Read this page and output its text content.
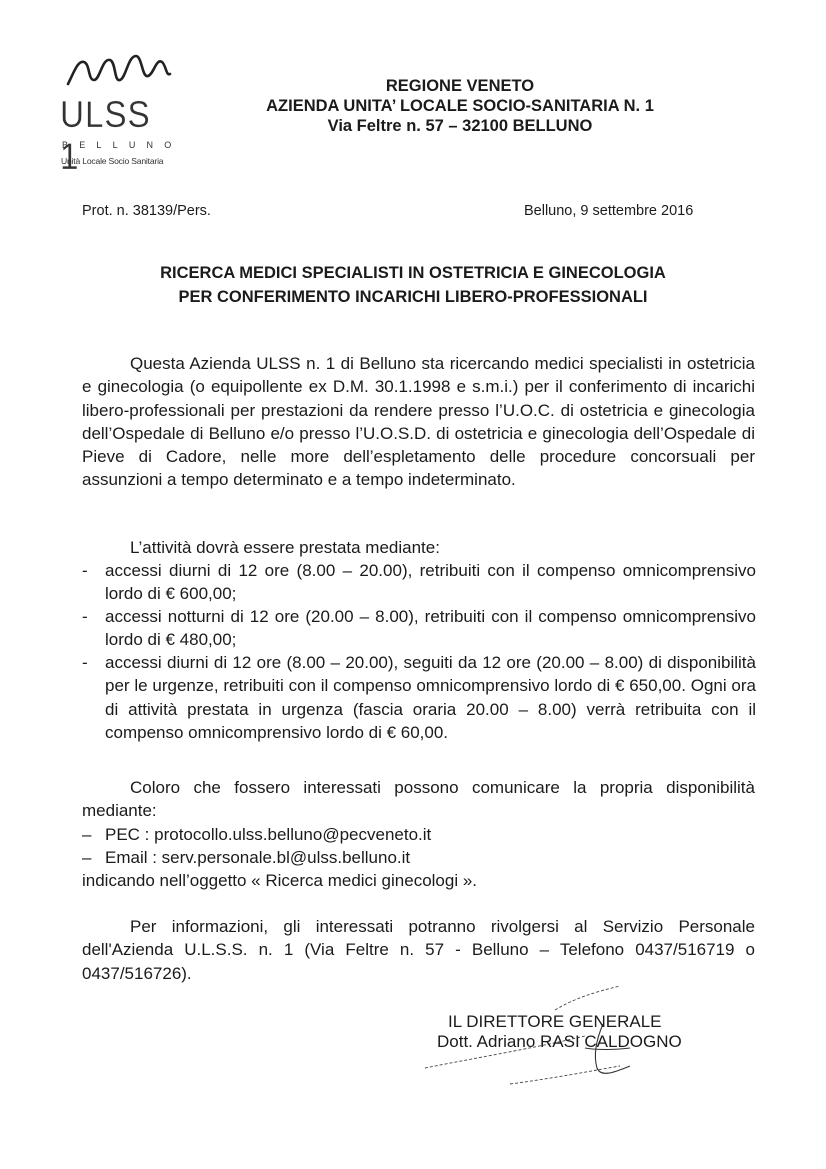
ULSS 1
BELLUNO
Unità Locale Socio Sanitaria
REGIONE VENETO
AZIENDA UNITA’ LOCALE SOCIO-SANITARIA N. 1
Via Feltre n. 57 – 32100 BELLUNO
Prot. n. 38139/Pers.	Belluno, 9 settembre 2016
RICERCA MEDICI SPECIALISTI IN OSTETRICIA E GINECOLOGIA
PER CONFERIMENTO INCARICHI LIBERO-PROFESSIONALI
Questa Azienda ULSS n. 1 di Belluno sta ricercando medici specialisti in ostetricia e ginecologia (o equipollente ex D.M. 30.1.1998 e s.m.i.) per il conferimento di incarichi libero-professionali per prestazioni da rendere presso l’U.O.C. di ostetricia e ginecologia dell’Ospedale di Belluno e/o presso l’U.O.S.D. di ostetricia e ginecologia dell’Ospedale di Pieve di Cadore, nelle more dell’espletamento delle procedure concorsuali per assunzioni a tempo determinato e a tempo indeterminato.
L’attività dovrà essere prestata mediante:
- accessi diurni di 12 ore (8.00 – 20.00), retribuiti con il compenso omnicomprensivo lordo di € 600,00;
- accessi notturni di 12 ore (20.00 – 8.00), retribuiti con il compenso omnicomprensivo lordo di € 480,00;
- accessi diurni di 12 ore (8.00 – 20.00), seguiti da 12 ore (20.00 – 8.00) di disponibilità per le urgenze, retribuiti con il compenso omnicomprensivo lordo di € 650,00. Ogni ora di attività prestata in urgenza (fascia oraria 20.00 – 8.00) verrà retribuita con il compenso omnicomprensivo lordo di € 60,00.
Coloro che fossero interessati possono comunicare la propria disponibilità mediante:
– PEC : protocollo.ulss.belluno@pecveneto.it
– Email : serv.personale.bl@ulss.belluno.it
indicando nell’oggetto « Ricerca medici ginecologi ».
Per informazioni, gli interessati potranno rivolgersi al Servizio Personale dell'Azienda U.L.S.S. n. 1 (Via Feltre n. 57 - Belluno – Telefono 0437/516719 o 0437/516726).
IL DIRETTORE GENERALE
Dott. Adriano RASI CALDOGNO
